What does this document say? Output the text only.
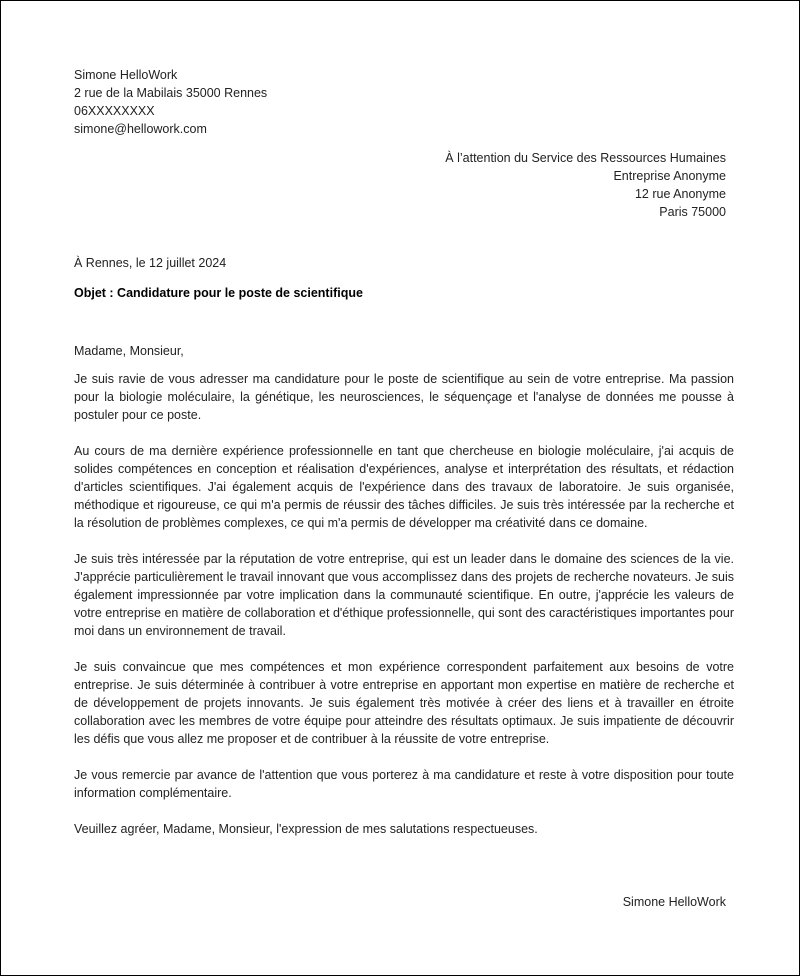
Simone HelloWork
2 rue de la Mabilais 35000 Rennes
06XXXXXXXX
simone@hellowork.com
À l’attention du Service des Ressources Humaines
Entreprise Anonyme
12 rue Anonyme
Paris 75000
À Rennes, le 12 juillet 2024
Objet : Candidature pour le poste de scientifique

Madame, Monsieur,

Je suis ravie de vous adresser ma candidature pour le poste de scientifique au sein de votre entreprise. Ma passion pour la biologie moléculaire, la génétique, les neurosciences, le séquençage et l'analyse de données me pousse à postuler pour ce poste.

Au cours de ma dernière expérience professionnelle en tant que chercheuse en biologie moléculaire, j'ai acquis de solides compétences en conception et réalisation d'expériences, analyse et interprétation des résultats, et rédaction d'articles scientifiques. J'ai également acquis de l'expérience dans des travaux de laboratoire. Je suis organisée, méthodique et rigoureuse, ce qui m'a permis de réussir des tâches difficiles. Je suis très intéressée par la recherche et la résolution de problèmes complexes, ce qui m'a permis de développer ma créativité dans ce domaine.

Je suis très intéressée par la réputation de votre entreprise, qui est un leader dans le domaine des sciences de la vie. J'apprécie particulièrement le travail innovant que vous accomplissez dans des projets de recherche novateurs. Je suis également impressionnée par votre implication dans la communauté scientifique. En outre, j'apprécie les valeurs de votre entreprise en matière de collaboration et d'éthique professionnelle, qui sont des caractéristiques importantes pour moi dans un environnement de travail.

Je suis convaincue que mes compétences et mon expérience correspondent parfaitement aux besoins de votre entreprise. Je suis déterminée à contribuer à votre entreprise en apportant mon expertise en matière de recherche et de développement de projets innovants. Je suis également très motivée à créer des liens et à travailler en étroite collaboration avec les membres de votre équipe pour atteindre des résultats optimaux. Je suis impatiente de découvrir les défis que vous allez me proposer et de contribuer à la réussite de votre entreprise.

Je vous remercie par avance de l'attention que vous porterez à ma candidature et reste à votre disposition pour toute information complémentaire.

Veuillez agréer, Madame, Monsieur, l'expression de mes salutations respectueuses.

Simone HelloWork
